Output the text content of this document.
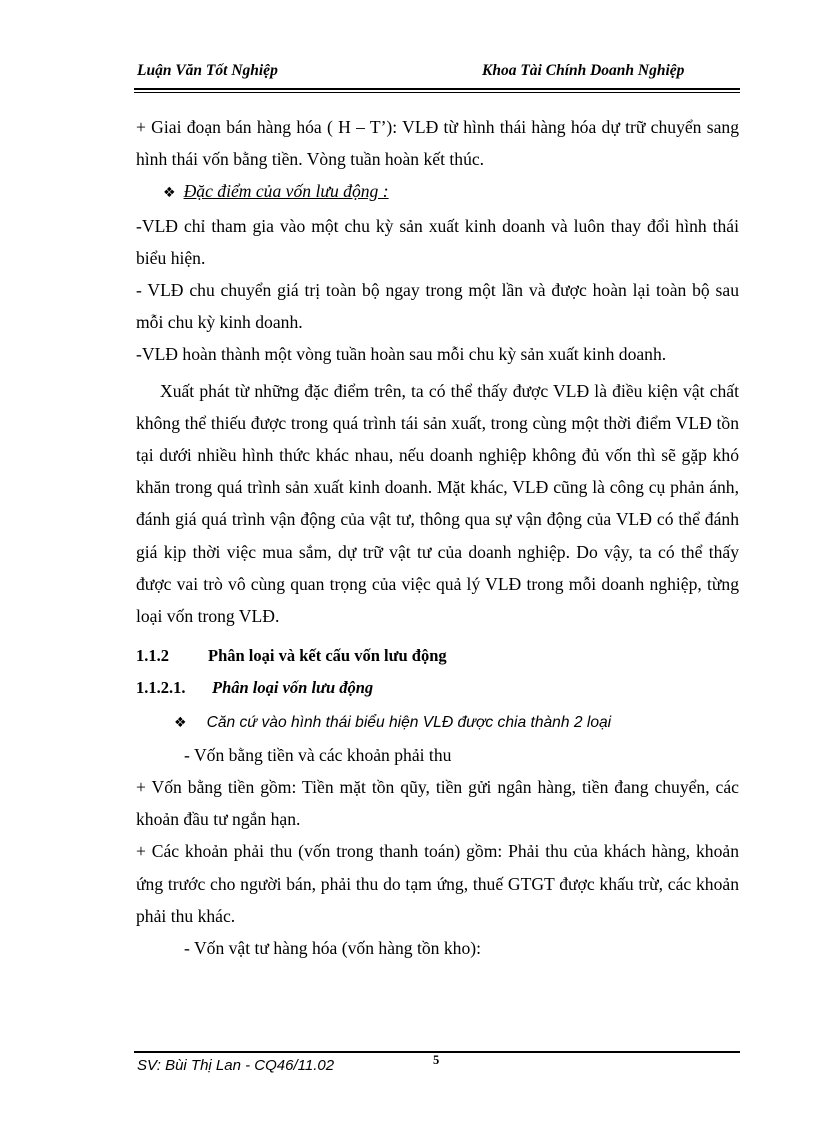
Luận Văn Tốt Nghiệp	Khoa Tài Chính Doanh Nghiệp

+ Giai đoạn bán hàng hóa ( H – T’): VLĐ từ hình thái hàng hóa dự trữ chuyển sang hình thái vốn bằng tiền. Vòng tuần hoàn kết thúc.

❖ Đặc điểm của vốn lưu động :

-VLĐ chỉ tham gia vào một chu kỳ sản xuất kinh doanh và luôn thay đổi hình thái biểu hiện.

- VLĐ chu chuyển giá trị toàn bộ ngay trong một lần và được hoàn lại toàn bộ sau mỗi chu kỳ kinh doanh.

-VLĐ hoàn thành một vòng tuần hoàn sau mỗi chu kỳ sản xuất kinh doanh.

Xuất phát từ những đặc điểm trên, ta có thể thấy được VLĐ là điều kiện vật chất không thể thiếu được trong quá trình tái sản xuất, trong cùng một thời điểm VLĐ tồn tại dưới nhiều hình thức khác nhau, nếu doanh nghiệp không đủ vốn thì sẽ gặp khó khăn trong quá trình sản xuất kinh doanh. Mặt khác, VLĐ cũng là công cụ phản ánh, đánh giá quá trình vận động của vật tư, thông qua sự vận động của VLĐ có thể đánh giá kịp thời việc mua sắm, dự trữ vật tư của doanh nghiệp. Do vậy, ta có thể thấy được vai trò vô cùng quan trọng của việc quả lý VLĐ trong mỗi doanh nghiệp, từng loại vốn trong VLĐ.

1.1.2 Phân loại và kết cấu vốn lưu động

1.1.2.1. Phân loại vốn lưu động

❖ Căn cứ vào hình thái biểu hiện VLĐ được chia thành 2 loại

- Vốn bằng tiền và các khoản phải thu

+ Vốn bằng tiền gồm: Tiền mặt tồn qũy, tiền gửi ngân hàng, tiền đang chuyển, các khoản đầu tư ngắn hạn.

+ Các khoản phải thu (vốn trong thanh toán) gồm: Phải thu của khách hàng, khoản ứng trước cho người bán, phải thu do tạm ứng, thuế GTGT được khấu trừ, các khoản phải thu khác.

- Vốn vật tư hàng hóa (vốn hàng tồn kho):

SV: Bùi Thị Lan - CQ46/11.02	5
